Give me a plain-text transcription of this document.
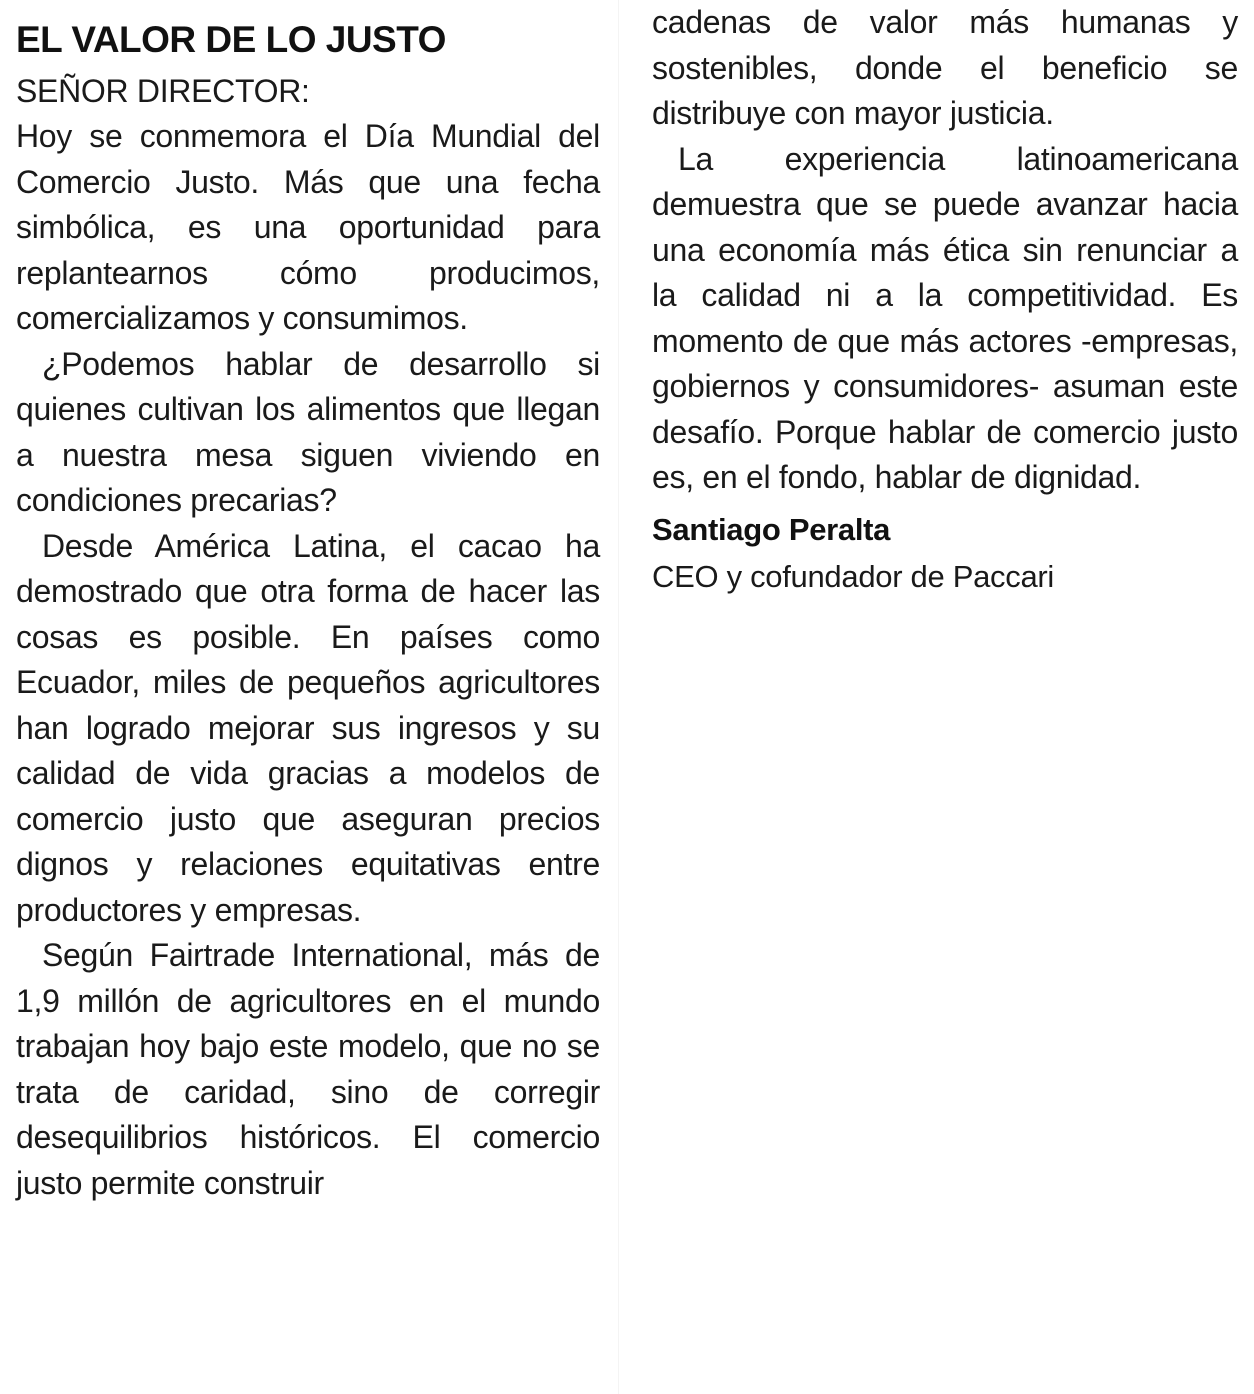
EL VALOR DE LO JUSTO

SEÑOR DIRECTOR:

Hoy se conmemora el Día Mundial del Comercio Justo. Más que una fecha simbólica, es una oportunidad para replantearnos cómo producimos, comercializamos y consumimos.

¿Podemos hablar de desarrollo si quienes cultivan los alimentos que llegan a nuestra mesa siguen viviendo en condiciones precarias?

Desde América Latina, el cacao ha demostrado que otra forma de hacer las cosas es posible. En países como Ecuador, miles de pequeños agricultores han logrado mejorar sus ingresos y su calidad de vida gracias a modelos de comercio justo que aseguran precios dignos y relaciones equitativas entre productores y empresas.

Según Fairtrade International, más de 1,9 millón de agricultores en el mundo trabajan hoy bajo este modelo, que no se trata de caridad, sino de corregir desequilibrios históricos. El comercio justo permite construir

cadenas de valor más humanas y sostenibles, donde el beneficio se distribuye con mayor justicia.

La experiencia latinoamericana demuestra que se puede avanzar hacia una economía más ética sin renunciar a la calidad ni a la competitividad. Es momento de que más actores -empresas, gobiernos y consumidores- asuman este desafío. Porque hablar de comercio justo es, en el fondo, hablar de dignidad.

Santiago Peralta

CEO y cofundador de Paccari
